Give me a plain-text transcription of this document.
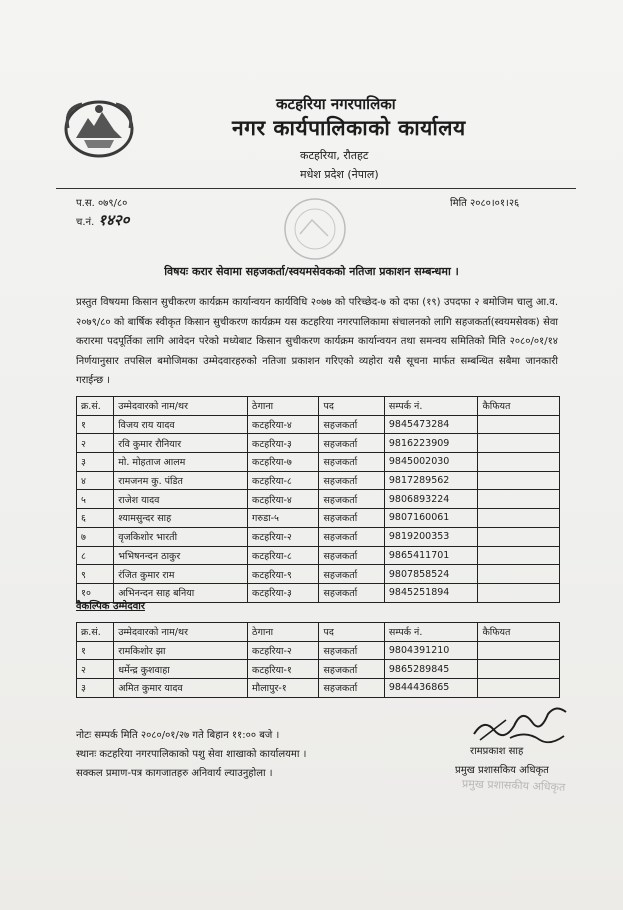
कटहरिया नगरपालिका
नगर कार्यपालिकाको कार्यालय
कटहरिया, रौतहट
मधेश प्रदेश (नेपाल)
प.स. ०७९/८०
च.नं. १४२०
मिति २०८०।०१।२६
विषयः करार सेवामा सहजकर्ता/स्वयमसेवकको नतिजा प्रकाशन सम्बन्धमा ।
प्रस्तुत विषयमा किसान सुचीकरण कार्यक्रम कार्यान्वयन कार्यविधि २०७७ को परिच्छेद-७ को दफा (१९) उपदफा २ बमोजिम चालु आ.व. २०७९/८० को बार्षिक स्वीकृत किसान सुचीकरण कार्यक्रम यस कटहरिया नगरपालिकामा संचालनको लागि सहजकर्ता(स्वयमसेवक) सेवा करारमा पदपूर्तिका लागि आवेदन परेको मध्येबाट किसान सुचीकरण कार्यक्रम कार्यान्वयन तथा समन्वय समितिको मिति २०८०/०१/१४ निर्णयानुसार तपसिल बमोजिमका उम्मेदवारहरुको नतिजा प्रकाशन गरिएको व्यहोरा यसै सूचना मार्फत सम्बन्धित सबैमा जानकारी गराईन्छ ।
क्र.सं.	उम्मेदवारको नाम/थर	ठेगाना	पद	सम्पर्क नं.	कैफियत
१	विजय राय यादव	कटहरिया-४	सहजकर्ता	9845473284	
२	रवि कुमार रौनियार	कटहरिया-३	सहजकर्ता	9816223909	
३	मो. मोहताज आलम	कटहरिया-७	सहजकर्ता	9845002030	
४	रामजनम कु. पंडित	कटहरिया-८	सहजकर्ता	9817289562	
५	राजेश यादव	कटहरिया-४	सहजकर्ता	9806893224	
६	श्यामसुन्दर साह	गरुडा-५	सहजकर्ता	9807160061	
७	वृजकिशोर भारती	कटहरिया-२	सहजकर्ता	9819200353	
८	भभिषनन्दन ठाकुर	कटहरिया-८	सहजकर्ता	9865411701	
९	रंजित कुमार राम	कटहरिया-९	सहजकर्ता	9807858524	
१०	अभिनन्दन साह बनिया	कटहरिया-३	सहजकर्ता	9845251894	
वैकल्पिक उम्मेदवार
क्र.सं.	उम्मेदवारको नाम/थर	ठेगाना	पद	सम्पर्क नं.	कैफियत
१	रामकिशोर झा	कटहरिया-२	सहजकर्ता	9804391210	
२	धर्मेन्द्र कुशवाहा	कटहरिया-१	सहजकर्ता	9865289845	
३	अमित कुमार यादव	मौलापुर-१	सहजकर्ता	9844436865	
नोटः सम्पर्क मिति २०८०/०१/२७ गते बिहान ११:०० बजे ।
स्थानः कटहरिया नगरपालिकाको पशु सेवा शाखाको कार्यालयमा ।
सक्कल प्रमाण-पत्र कागजातहरु अनिवार्य ल्याउनुहोला ।
रामप्रकाश साह
प्रमुख प्रशासकिय अधिकृत
प्रमुख प्रशासकीय अधिकृत
